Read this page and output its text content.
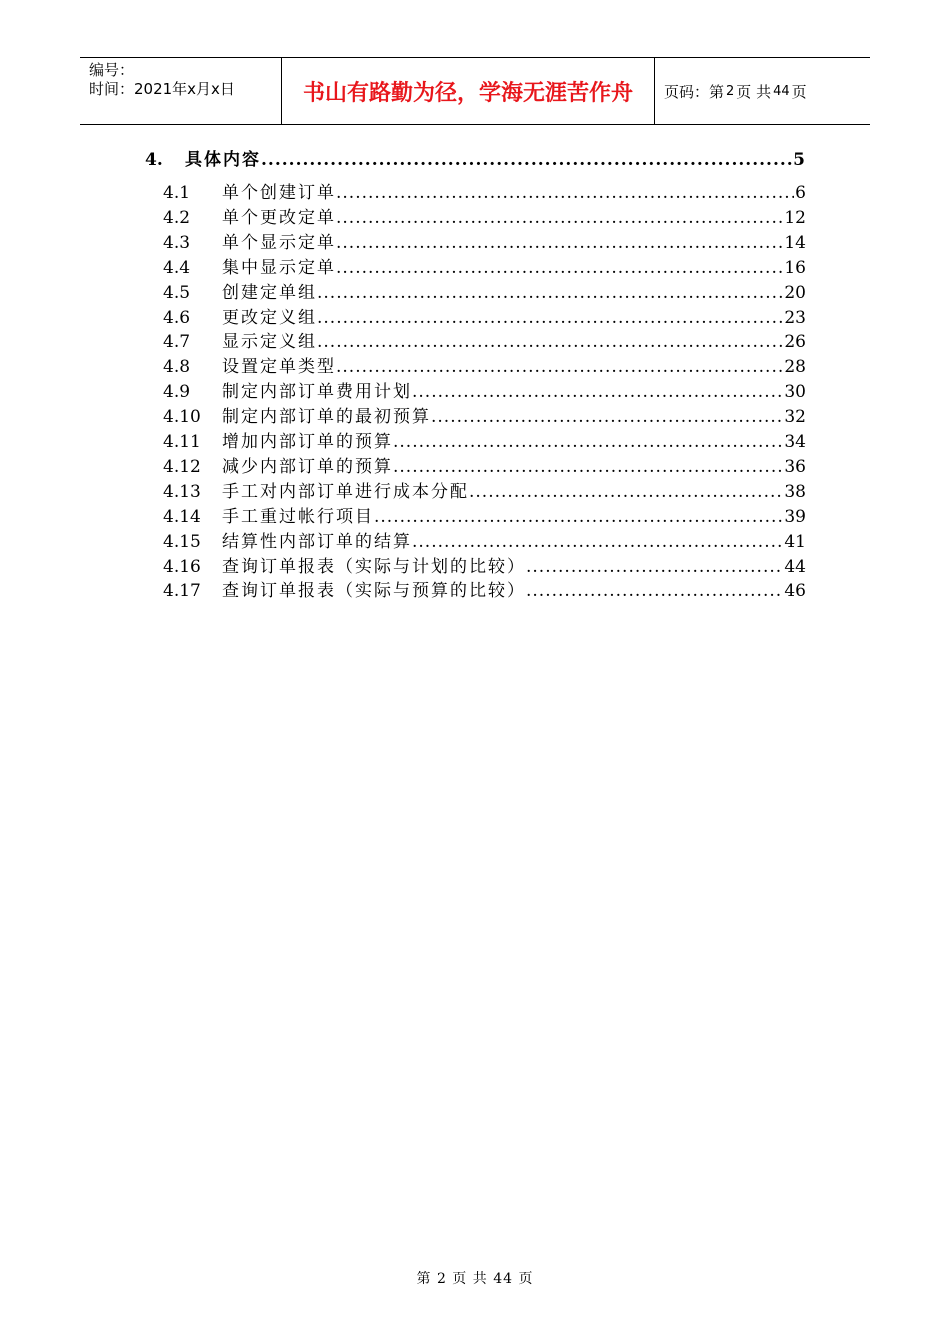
编号：
时间：2021年x月x日	书山有路勤为径，学海无涯苦作舟	页码：第 2 页 共 44 页
4.	具体内容 .....	5
4.1	单个创建订单 .....	6
4.2	单个更改定单 .....	12
4.3	单个显示定单 .....	14
4.4	集中显示定单 .....	16
4.5	创建定单组 .....	20
4.6	更改定义组 .....	23
4.7	显示定义组 .....	26
4.8	设置定单类型 .....	28
4.9	制定内部订单费用计划 .....	30
4.10	制定内部订单的最初预算 .....	32
4.11	增加内部订单的预算 .....	34
4.12	减少内部订单的预算 .....	36
4.13	手工对内部订单进行成本分配 .....	38
4.14	手工重过帐行项目 .....	39
4.15	结算性内部订单的结算 .....	41
4.16	查询订单报表（实际与计划的比较） .....	44
4.17	查询订单报表（实际与预算的比较） .....	46
第 2 页 共 44 页
